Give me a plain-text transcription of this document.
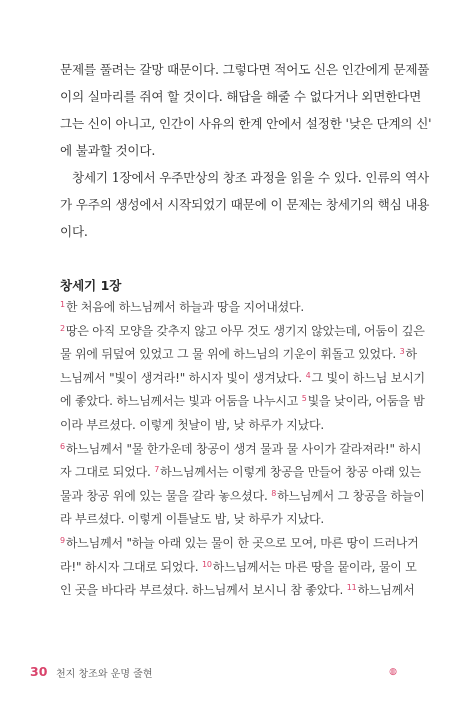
문제를 풀려는 갈망 때문이다. 그렇다면 적어도 신은 인간에게 문제풀
이의 실마리를 쥐여 할 것이다. 해답을 해줄 수 없다거나 외면한다면
그는 신이 아니고, 인간이 사유의 한계 안에서 설정한 '낮은 단계의 신'
에 불과할 것이다.
창세기 1장에서 우주만상의 창조 과정을 읽을 수 있다. 인류의 역사
가 우주의 생성에서 시작되었기 때문에 이 문제는 창세기의 핵심 내용
이다.
창세기 1장
$^1$한 처음에 하느님께서 하늘과 땅을 지어내셨다.
$^2$땅은 아직 모양을 갖추지 않고 아무 것도 생기지 않았는데, 어둠이 깊은
물 위에 뒤덮여 있었고 그 물 위에 하느님의 기운이 휘돌고 있었다. $^3$하
느님께서 "빛이 생겨라!" 하시자 빛이 생겨났다. $^4$그 빛이 하느님 보시기
에 좋았다. 하느님께서는 빛과 어둠을 나누시고 $^5$빛을 낮이라, 어둠을 밤
이라 부르셨다. 이렇게 첫날이 밤, 낮 하루가 지났다.
$^6$하느님께서 "물 한가운데 창공이 생겨 물과 물 사이가 갈라져라!" 하시
자 그대로 되었다. $^7$하느님께서는 이렇게 창공을 만들어 창공 아래 있는
물과 창공 위에 있는 물을 갈라 놓으셨다. $^8$하느님께서 그 창공을 하늘이
라 부르셨다. 이렇게 이튿날도 밤, 낮 하루가 지났다.
$^9$하느님께서 "하늘 아래 있는 물이 한 곳으로 모여, 마른 땅이 드러나거
라!" 하시자 그대로 되었다. $^{10}$하느님께서는 마른 땅을 뭍이라, 물이 모
인 곳을 바다라 부르셨다. 하느님께서 보시니 참 좋았다. $^{11}$하느님께서
30 천지 창조와 운명 줄현	◍
